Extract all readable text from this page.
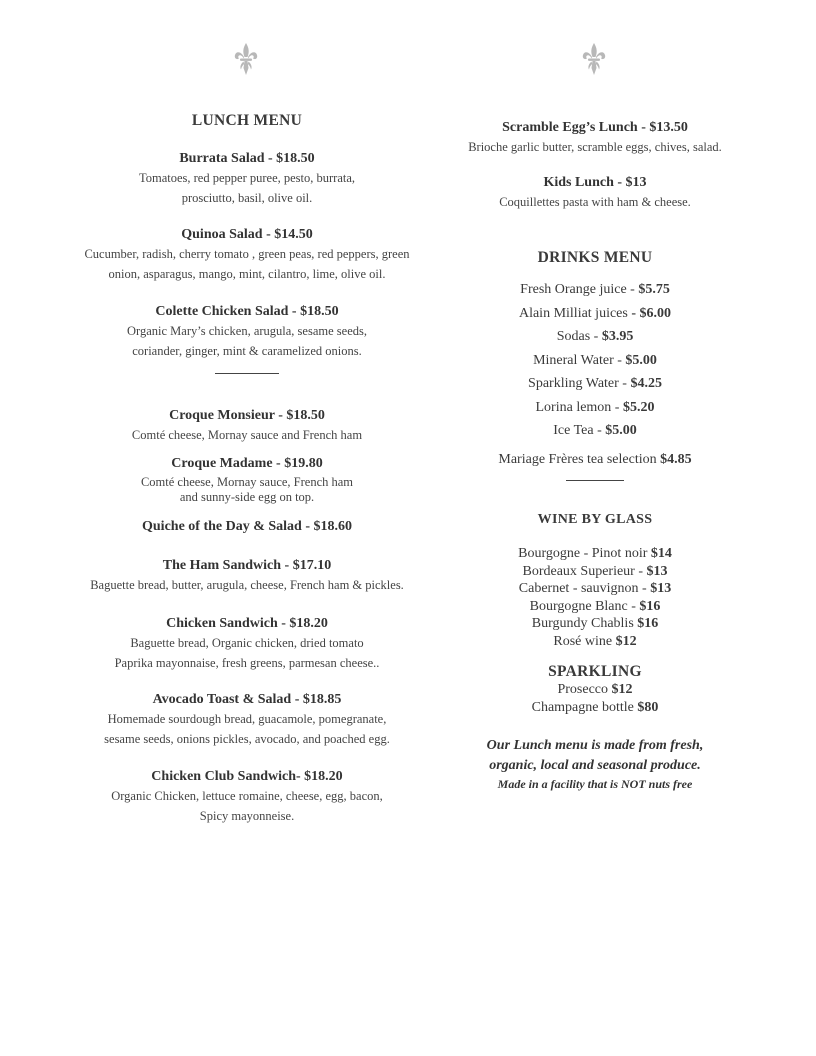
LUNCH MENU
Burrata Salad - $18.50
Tomatoes, red pepper puree, pesto, burrata,
prosciutto, basil, olive oil.
Quinoa Salad - $14.50
Cucumber, radish, cherry tomato , green peas, red peppers, green
onion, asparagus, mango, mint, cilantro, lime, olive oil.
Colette Chicken Salad - $18.50
Organic Mary’s chicken, arugula, sesame seeds,
coriander, ginger, mint & caramelized onions.
Croque Monsieur - $18.50
Comté cheese, Mornay sauce and French ham
Croque Madame - $19.80
Comté cheese, Mornay sauce, French ham
and sunny-side egg on top.
Quiche of the Day & Salad - $18.60
The Ham Sandwich - $17.10
Baguette bread, butter, arugula, cheese, French ham & pickles.
Chicken Sandwich - $18.20
Baguette bread, Organic chicken, dried tomato
Paprika mayonnaise, fresh greens, parmesan cheese..
Avocado Toast & Salad - $18.85
Homemade sourdough bread, guacamole, pomegranate,
sesame seeds, onions pickles, avocado, and poached egg.
Chicken Club Sandwich- $18.20
Organic Chicken, lettuce romaine, cheese, egg, bacon,
Spicy mayonneise.
Scramble Egg’s Lunch - $13.50
Brioche garlic butter, scramble eggs, chives, salad.
Kids Lunch - $13
Coquillettes pasta with ham & cheese.
DRINKS MENU
Fresh Orange juice - $5.75
Alain Milliat juices - $6.00
Sodas - $3.95
Mineral Water - $5.00
Sparkling Water - $4.25
Lorina lemon - $5.20
Ice Tea - $5.00
Mariage Frères tea selection $4.85
WINE BY GLASS
Bourgogne - Pinot noir $14
Bordeaux Superieur - $13
Cabernet - sauvignon - $13
Bourgogne Blanc - $16
Burgundy Chablis $16
Rosé wine $12
SPARKLING
Prosecco $12
Champagne bottle $80
Our Lunch menu is made from fresh,
organic, local and seasonal produce.
Made in a facility that is NOT nuts free
